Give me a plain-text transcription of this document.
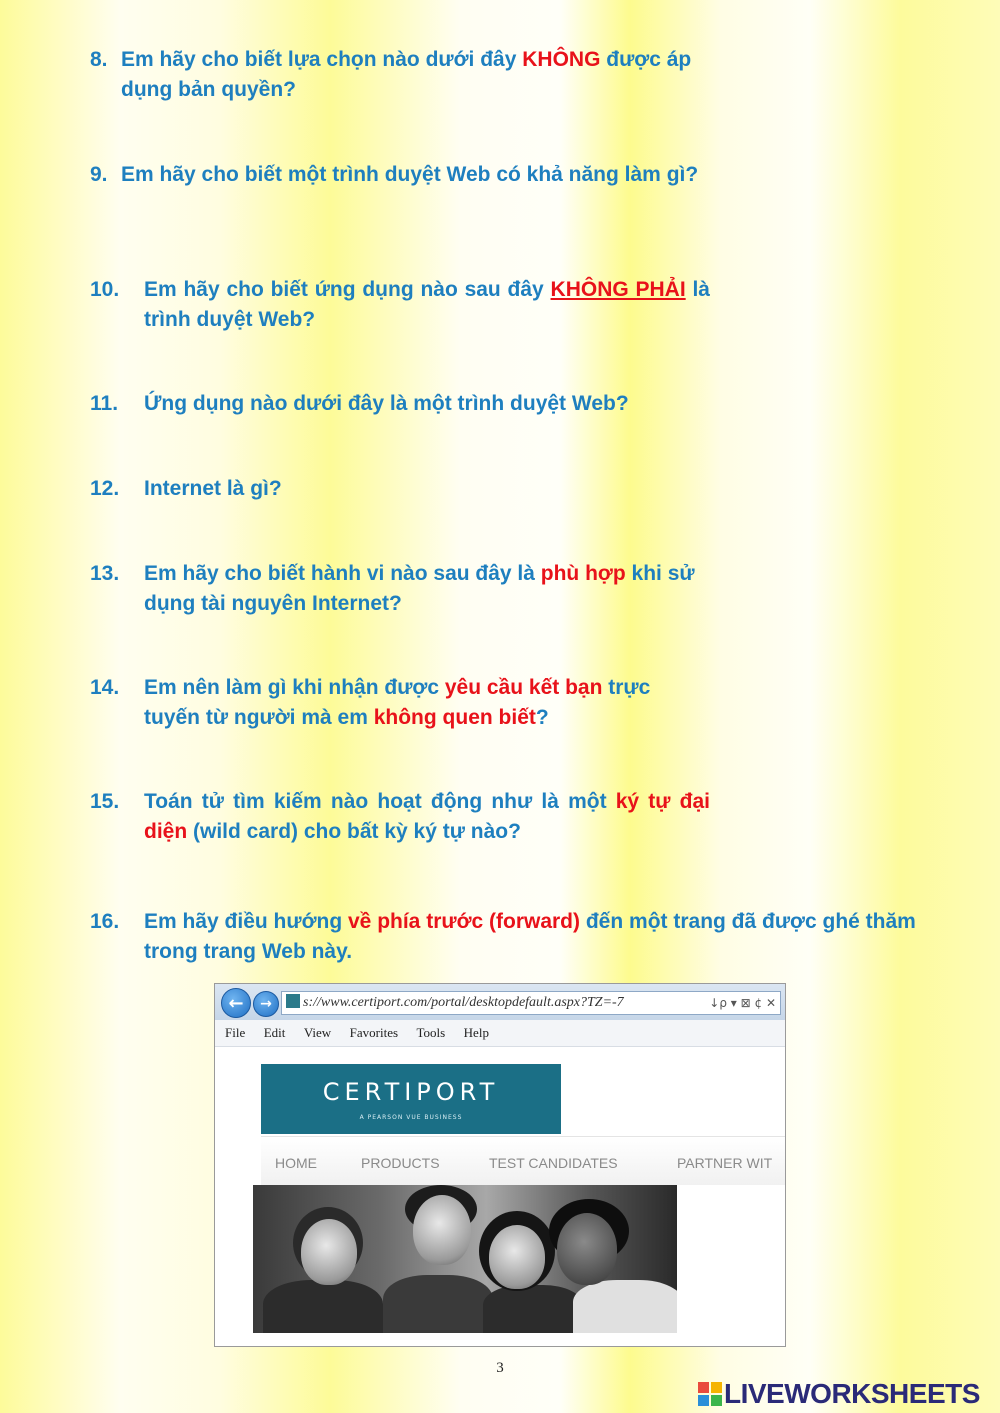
8. Em hãy cho biết lựa chọn nào dưới đây KHÔNG được áp dụng bản quyền?
9. Em hãy cho biết một trình duyệt Web có khả năng làm gì?
10. Em hãy cho biết ứng dụng nào sau đây KHÔNG PHẢI là trình duyệt Web?
11. Ứng dụng nào dưới đây là một trình duyệt Web?
12. Internet là gì?
13. Em hãy cho biết hành vi nào sau đây là phù hợp khi sử dụng tài nguyên Internet?
14. Em nên làm gì khi nhận được yêu cầu kết bạn trực tuyến từ người mà em không quen biết?
15. Toán tử tìm kiếm nào hoạt động như là một ký tự đại diện (wild card) cho bất kỳ ký tự nào?
16. Em hãy điều hướng về phía trước (forward) đến một trang đã được ghé thăm trong trang Web này.
← →	s://www.certiport.com/portal/desktopdefault.aspx?TZ=-7	↓ρ ▾ ⊠ ¢ ✕
File Edit View Favorites Tools Help
CERTIPORT
A PEARSON VUE BUSINESS
HOME	PRODUCTS	TEST CANDIDATES	PARTNER WIT
3
LIVEWORKSHEETS
